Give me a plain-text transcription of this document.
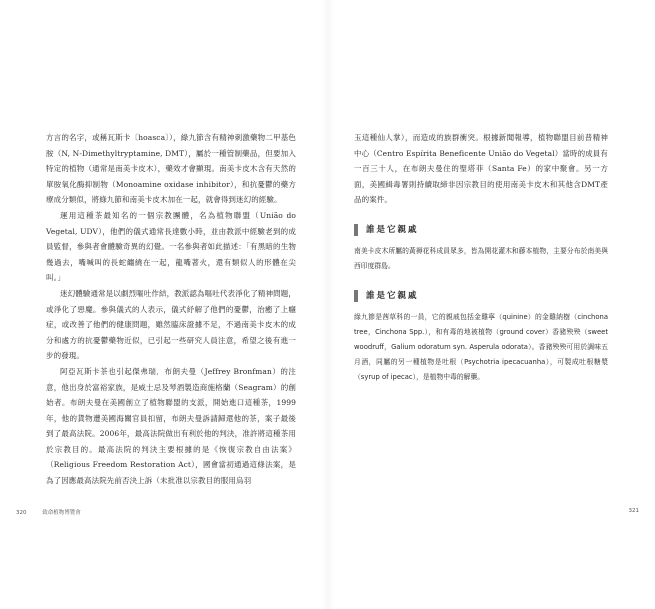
方言的名字，或稱瓦斯卡〔hoasca〕），綠九節含有精神刺激藥物二甲基色胺（N, N-Dimethyltryptamine, DMT），屬於一種管制藥品，但要加入特定的植物（通常是南美卡皮木），藥效才會顯現。南美卡皮木含有天然的單胺氧化酶抑制物（Monoamine oxidase inhibitor），和抗憂鬱的藥方療成分類似，將綠九節和南美卡皮木加在一起，就會得到迷幻的經驗。

運用這種茶最知名的一個宗教團體，名為植物聯盟（União do Vegetal, UDV），他們的儀式通常長達數小時，並由教派中經驗老到的成員監督，參與者會體驗奇異的幻覺。一名參與者如此描述：「有黑暗的生物幾過去，嘴喊叫的長蛇纏繞在一起，龍嘴著火，還有類似人的形體在尖叫。」

迷幻體驗通常是以劇烈嘔吐作結，教派認為嘔吐代表淨化了精神問題，或淨化了惡魔。參與儀式的人表示，儀式紓解了他們的憂鬱，治癒了上癮症，或改善了他們的健康問題，雖然臨床證據不足，不過南美卡皮木的成分和處方的抗憂鬱藥物近似，已引起一些研究人員注意，希望之後有進一步的發現。

阿亞瓦斯卡茶也引起傑弗瑞．布朗夫曼（Jeffrey Bronfman）的注意，他出身於富裕家族，是威士忌及琴酒製造商施格蘭（Seagram）的創始者。布朗夫曼在美國創立了植物聯盟的支派，開始進口這種茶，1999年，他的貨物遭美國海關官員扣留，布朗夫曼訴請歸還他的茶，案子最後到了最高法院。2006年，最高法院做出有利於他的判決，准許將這種茶用於宗教目的。最高法院的判決主要根據的是《恢復宗教自由法案》（Religious Freedom Restoration Act），國會當初通過這條法案，是為了因應最高法院先前否決上訴（未批准以宗教目的服用烏羽

320	致命植物博覽會

玉這種仙人掌），而造成的族群衝突。根據新聞報導，植物聯盟目前普精神中心（Centro Espírita Beneficente União do Vegetal）當時的成員有一百三十人，在布朗夫曼住的聖塔菲（Santa Fe）的家中聚會。另一方面，美國緝毒署則持續取締非因宗教目的使用南美卡皮木和其他含DMT產品的案件。

誰是它親戚

南美卡皮木所屬的黃褥花科成員眾多，皆為開花灌木和藤本植物，主要分布於南美與西印度群島。

誰是它親戚

綠九節是茜草科的一員，它的親戚包括金雞寧（quinine）的金雞納樹（cinchona tree，Cinchona Spp.），和有毒的地被植物（ground cover）香豬殃殃（sweet woodruff，Galium odoratum syn. Asperula odorata）。香豬殃殃可用於調味五月酒，同屬的另一種植物是吐根（Psychotria ipecacuanha），可製成吐根糖漿（syrup of ipecac），是植物中毒的解藥。

321
